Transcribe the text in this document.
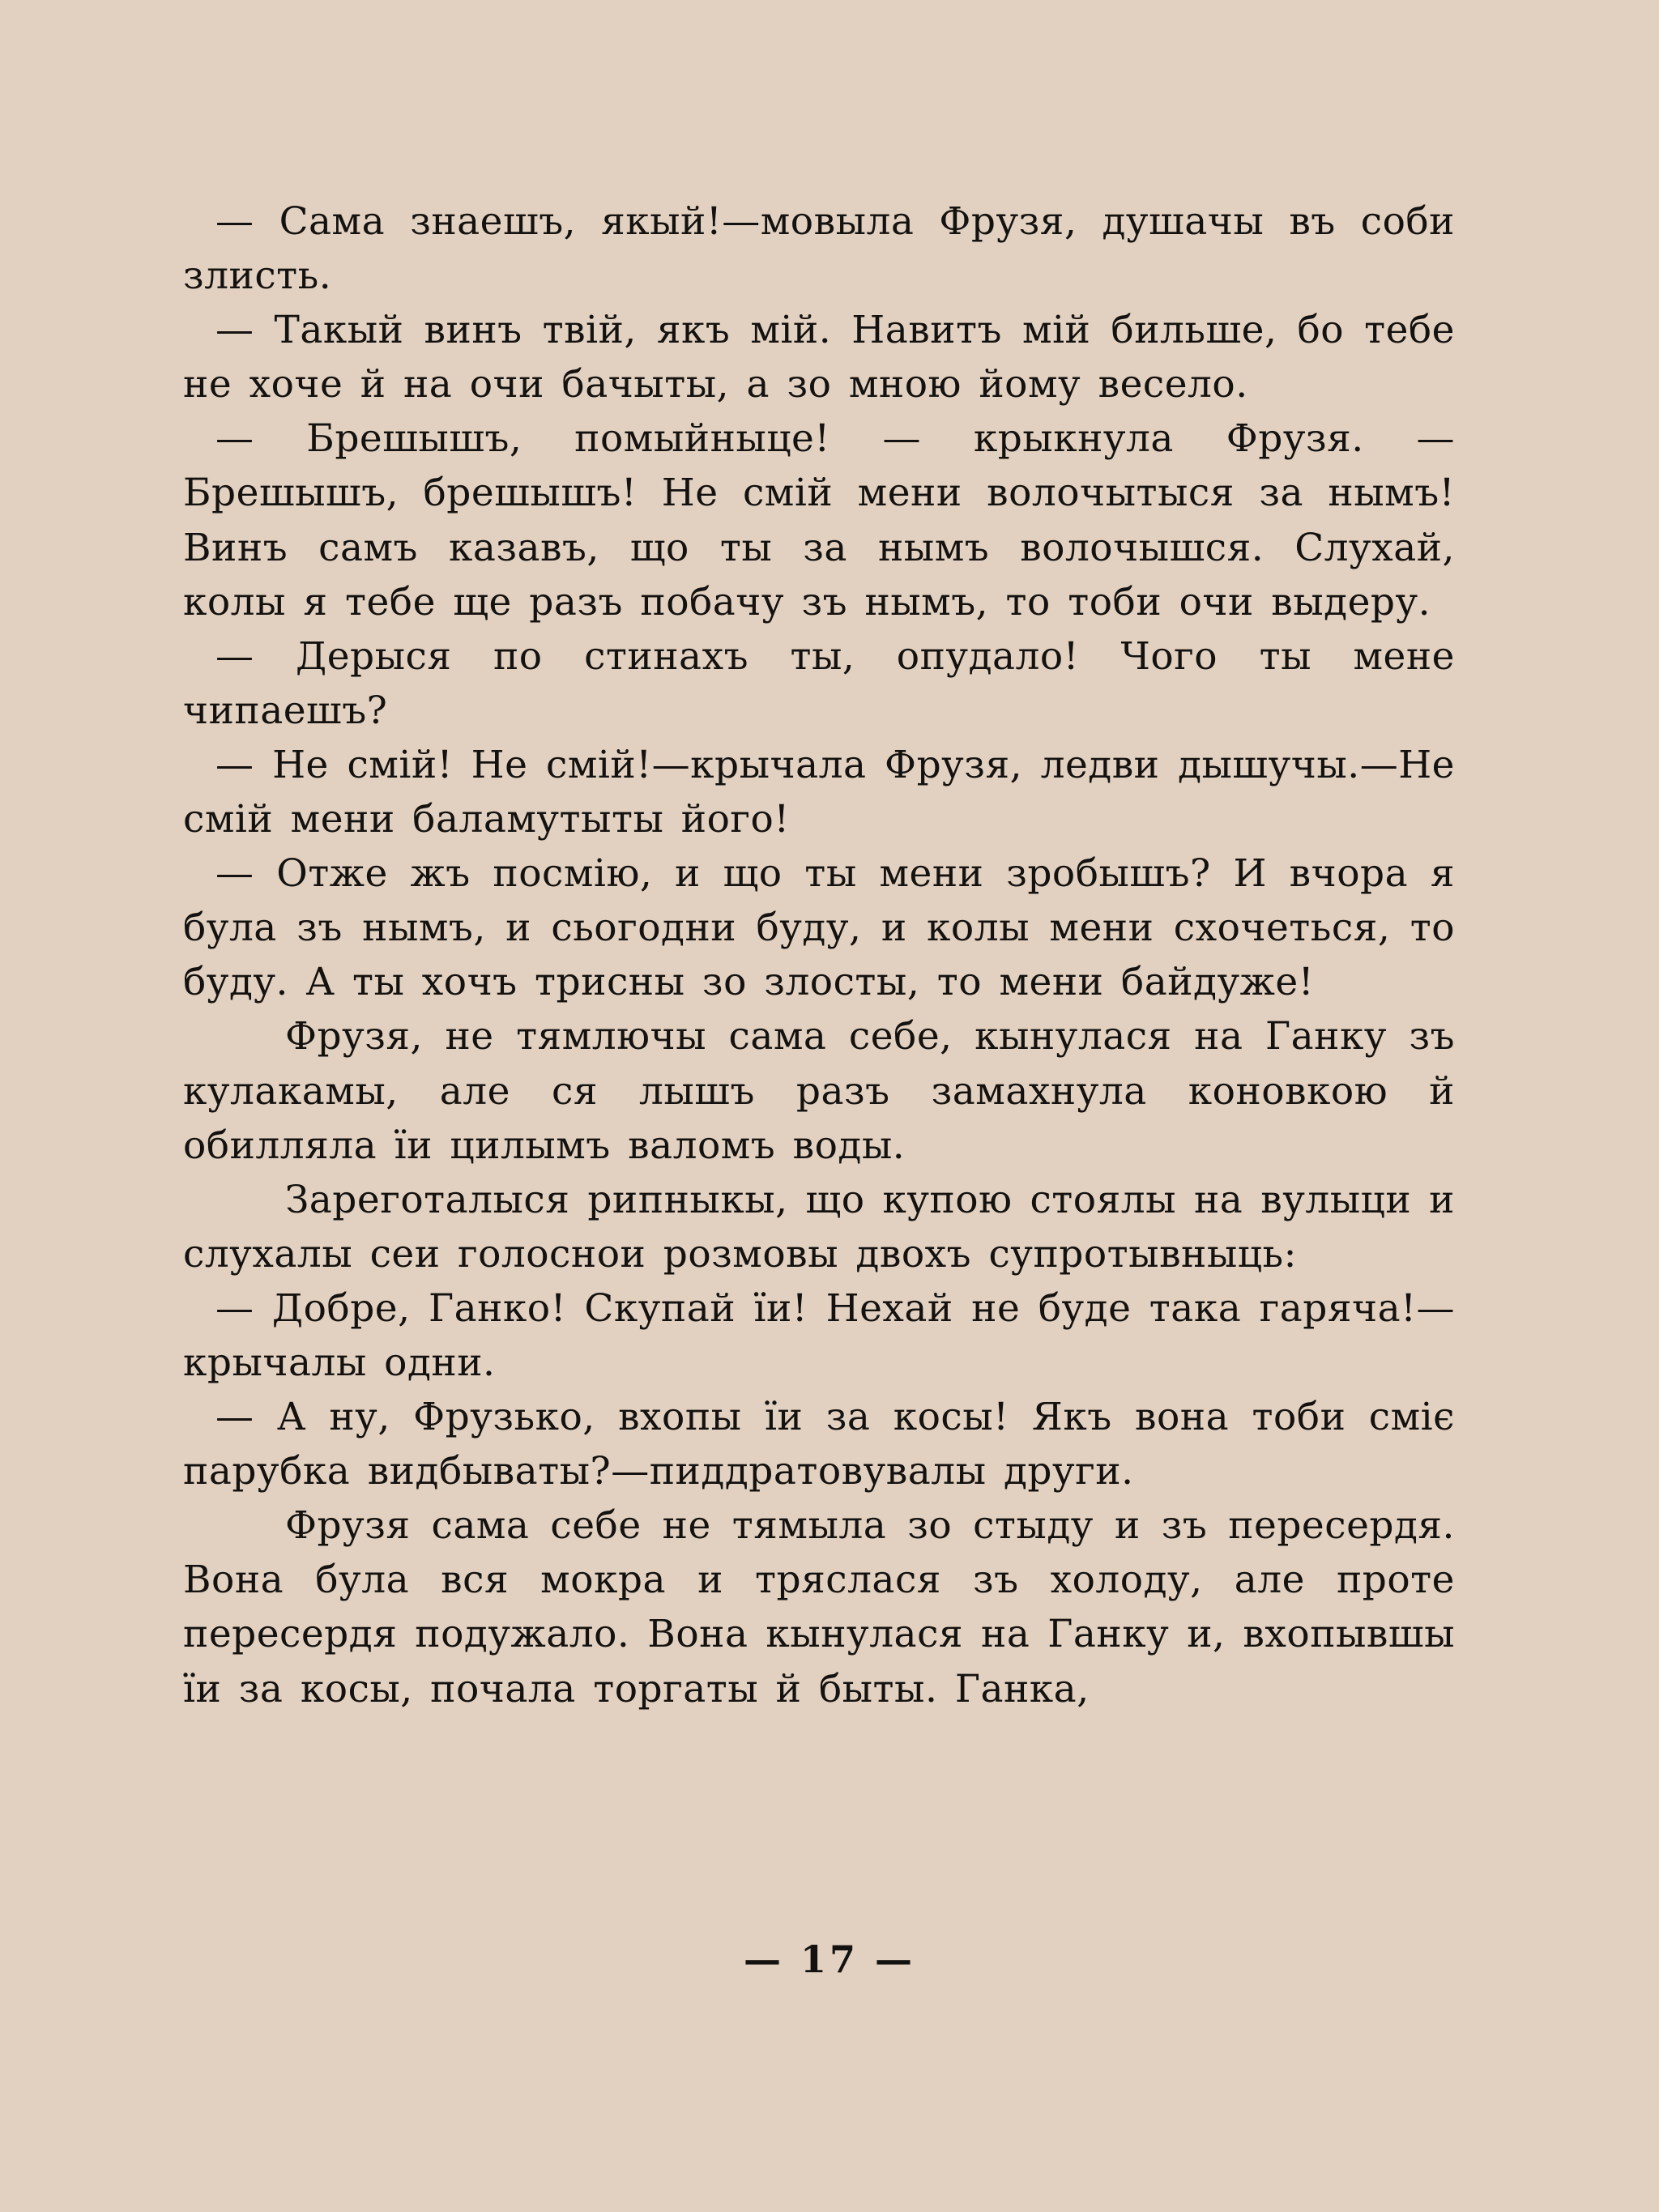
— Сама знаешъ, якый!—мовыла Фрузя, душачы въ соби злисть.

— Такый винъ твій, якъ мій. Навитъ мій бильше, бо тебе не хоче й на очи бачыты, а зо мною йому весело.

— Брешышъ, помыйныце! — крыкнула Фрузя. — Брешышъ, брешышъ! Не смій мени волочытыся за нымъ! Винъ самъ казавъ, що ты за нымъ волочышся. Слухай, колы я тебе ще разъ побачу зъ нымъ, то тоби очи выдеру.

— Дерыся по стинахъ ты, опудало! Чого ты мене чипаешъ?

— Не смій! Не смій!—крычала Фрузя, ледви дышучы.—Не смій мени баламутыты його!

— Отже жъ посмію, и що ты мени зробышъ? И вчора я була зъ нымъ, и сьогодни буду, и колы мени схочеться, то буду. А ты хочъ трисны зо злосты, то мени байдуже!

Фрузя, не тямлючы сама себе, кынулася на Ганку зъ кулакамы, але ся лышъ разъ замахнула коновкою й обилляла ïи цилымъ валомъ воды.

Зареготалыся рипныкы, що купою стоялы на вулыци и слухалы сеи голоснои розмовы двохъ супротывныць:

— Добре, Ганко! Скупай ïи! Нехай не буде така гаряча!—крычалы одни.

— А ну, Фрузько, вхопы ïи за косы! Якъ вона тоби сміє парубка видбываты?—пиддратовувалы други.

Фрузя сама себе не тямыла зо стыду и зъ пересердя. Вона була вся мокра и тряслася зъ холоду, але проте пересердя подужало. Вона кынулася на Ганку и, вхопывшы ïи за косы, почала торгаты й быты. Ганка,

— 17 —
